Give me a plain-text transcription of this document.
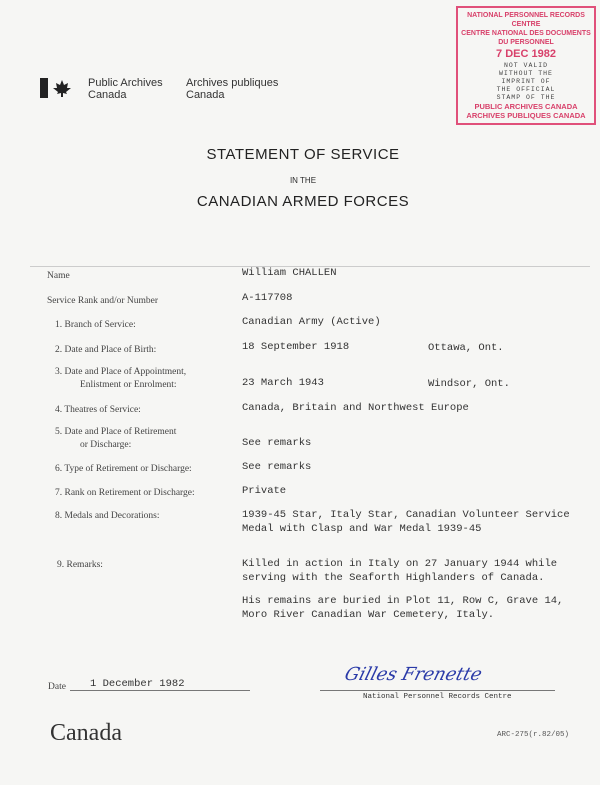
NATIONAL PERSONNEL RECORDS
CENTRE
CENTRE NATIONAL DES DOCUMENTS
DU PERSONNEL
7 DEC 1982
NOT VALID
WITHOUT THE
IMPRINT OF
THE OFFICIAL
STAMP OF THE
PUBLIC ARCHIVES CANADA
ARCHIVES PUBLIQUES CANADA
Public Archives
Canada
Archives publiques
Canada
STATEMENT OF SERVICE
IN THE
CANADIAN ARMED FORCES
Name	William CHALLEN
Service Rank and/or Number	A-117708
1. Branch of Service:	Canadian Army (Active)
2. Date and Place of Birth:	18 September 1918	Ottawa, Ont.
3. Date and Place of Appointment,
Enlistment or Enrolment:	23 March 1943	Windsor, Ont.
4. Theatres of Service:	Canada, Britain and Northwest Europe
5. Date and Place of Retirement
or Discharge:	See remarks
6. Type of Retirement or Discharge:	See remarks
7. Rank on Retirement or Discharge:	Private
8. Medals and Decorations:	1939-45 Star, Italy Star, Canadian Volunteer Service
Medal with Clasp and War Medal 1939-45
9. Remarks:	Killed in action in Italy on 27 January 1944 while
serving with the Seaforth Highlanders of Canada.
His remains are buried in Plot 11, Row C, Grave 14,
Moro River Canadian War Cemetery, Italy.
Date 1 December 1982	Gilles Frenette
National Personnel Records Centre
Canada	ARC-275(r.82/05)
